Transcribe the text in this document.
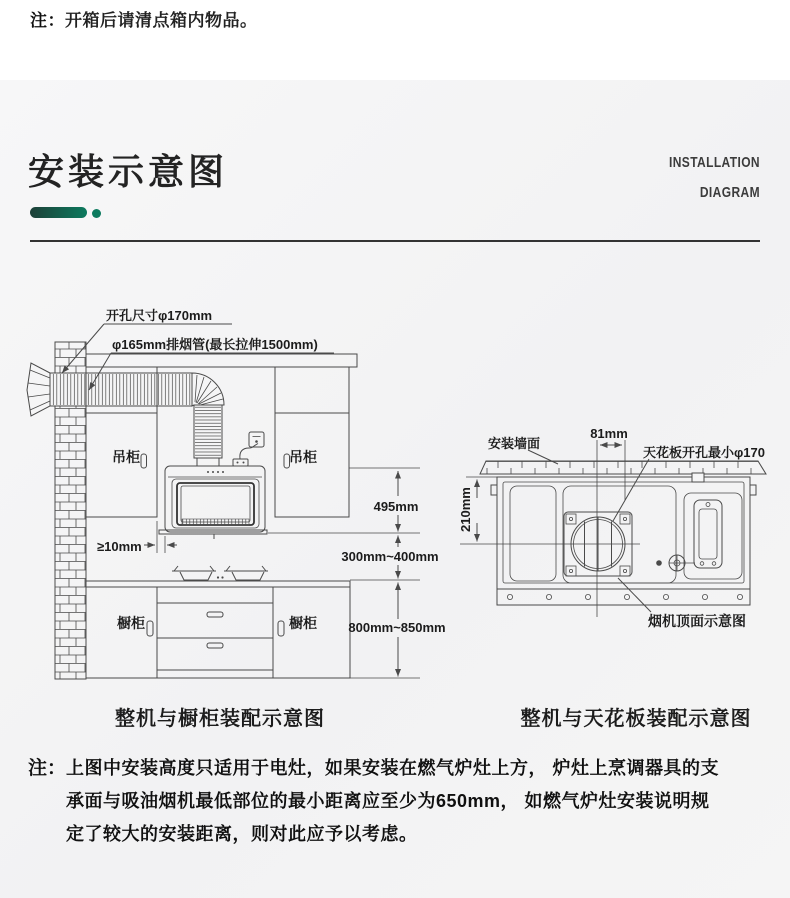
注：开箱后请清点箱内物品。
安装示意图	INSTALLATION
DIAGRAM
开孔尺寸φ170mm
φ165mm排烟管(最长拉伸1500mm)
吊柜	吊柜
橱柜	橱柜
≥10mm
495mm
300mm~400mm
800mm~850mm
整机与橱柜装配示意图
安装墙面
81mm
天花板开孔最小φ170
210mm
烟机顶面示意图
整机与天花板装配示意图
注： 上图中安装高度只适用于电灶，如果安装在燃气炉灶上方， 炉灶上烹调器具的支
承面与吸油烟机最低部位的最小距离应至少为650mm， 如燃气炉灶安装说明规
定了较大的安装距离，则对此应予以考虑。
